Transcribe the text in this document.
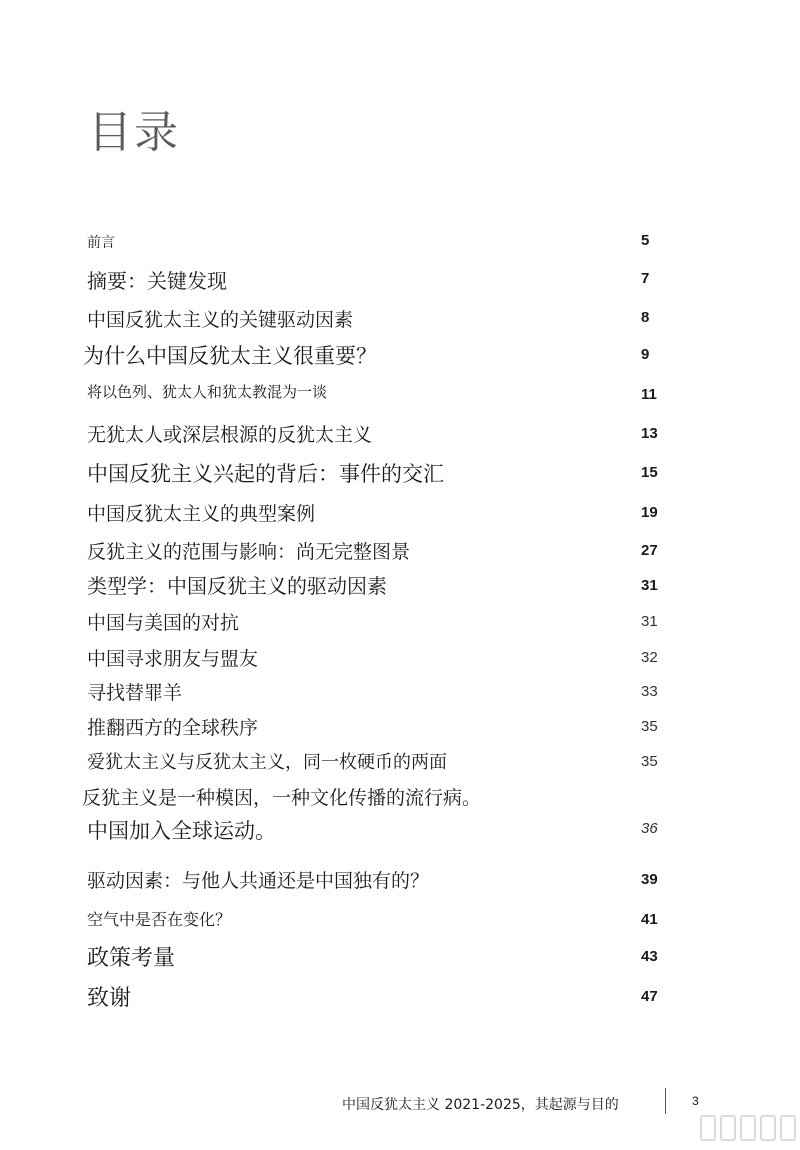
目录
前言	5
摘要：关键发现	7
中国反犹太主义的关键驱动因素	8
为什么中国反犹太主义很重要？	9
将以色列、犹太人和犹太教混为一谈	11
无犹太人或深层根源的反犹太主义	13
中国反犹主义兴起的背后：事件的交汇	15
中国反犹太主义的典型案例	19
反犹主义的范围与影响：尚无完整图景	27
类型学：中国反犹主义的驱动因素	31
中国与美国的对抗	31
中国寻求朋友与盟友	32
寻找替罪羊	33
推翻西方的全球秩序	35
爱犹太主义与反犹太主义，同一枚硬币的两面	35
反犹主义是一种模因，一种文化传播的流行病。
中国加入全球运动。	36
驱动因素：与他人共通还是中国独有的？	39
空气中是否在变化？	41
政策考量	43
致谢	47
中国反犹太主义 2021-2025，其起源与目的	3
